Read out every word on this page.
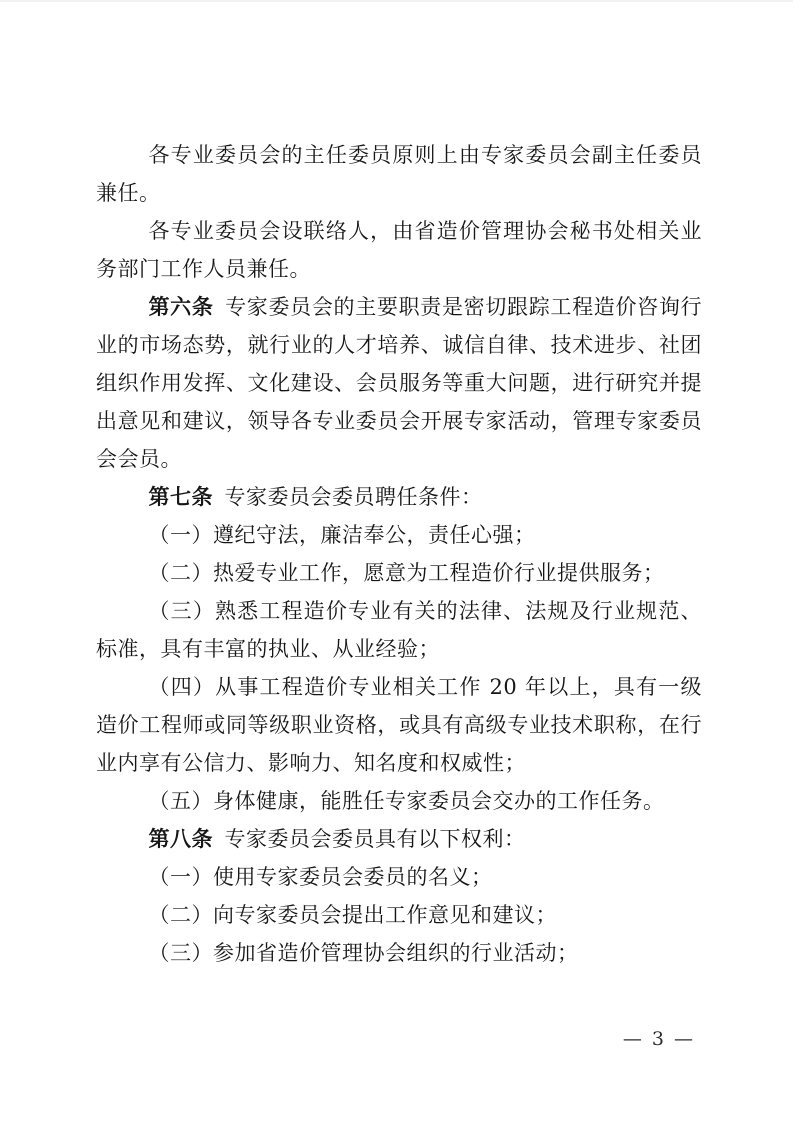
各专业委员会的主任委员原则上由专家委员会副主任委员兼任。

各专业委员会设联络人，由省造价管理协会秘书处相关业务部门工作人员兼任。

第六条 专家委员会的主要职责是密切跟踪工程造价咨询行业的市场态势，就行业的人才培养、诚信自律、技术进步、社团组织作用发挥、文化建设、会员服务等重大问题，进行研究并提出意见和建议，领导各专业委员会开展专家活动，管理专家委员会会员。

第七条 专家委员会委员聘任条件：

（一）遵纪守法，廉洁奉公，责任心强；

（二）热爱专业工作，愿意为工程造价行业提供服务；

（三）熟悉工程造价专业有关的法律、法规及行业规范、标准，具有丰富的执业、从业经验；

（四）从事工程造价专业相关工作 20 年以上，具有一级造价工程师或同等级职业资格，或具有高级专业技术职称，在行业内享有公信力、影响力、知名度和权威性；

（五）身体健康，能胜任专家委员会交办的工作任务。

第八条 专家委员会委员具有以下权利：

（一）使用专家委员会委员的名义；

（二）向专家委员会提出工作意见和建议；

（三）参加省造价管理协会组织的行业活动；

— 3 —
